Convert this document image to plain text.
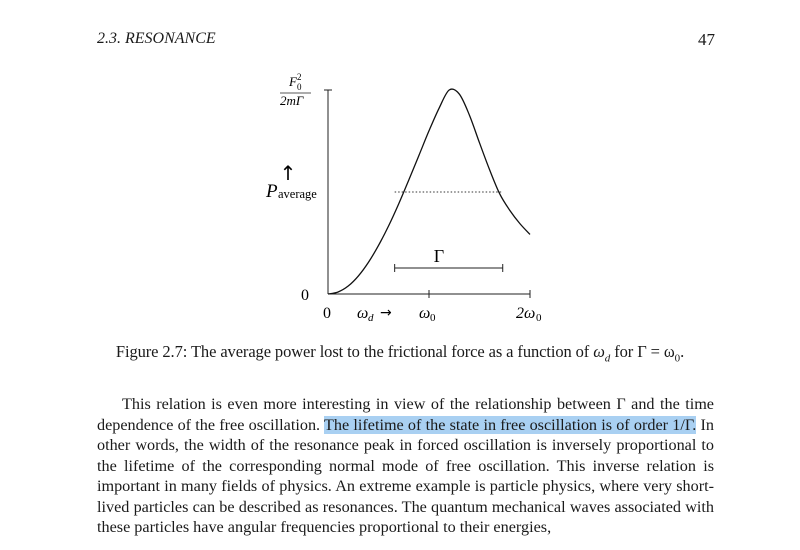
2.3. RESONANCE	47
Γ
F 2
0
2mΓ
↑
P average
0
0 ω d → ω 0	2ω 0
Figure 2.7: The average power lost to the frictional force as a function of $\omega_d$ for $\Gamma = \omega_0$.

This relation is even more interesting in view of the relationship between Γ and the time dependence of the free oscillation. The lifetime of the state in free oscillation is of order 1/Γ. In other words, the width of the resonance peak in forced oscillation is inversely proportional to the lifetime of the corresponding normal mode of free oscillation. This inverse relation is important in many fields of physics. An extreme example is particle physics, where very short-lived particles can be described as resonances. The quantum mechanical waves associated with these particles have angular frequencies proportional to their energies,
